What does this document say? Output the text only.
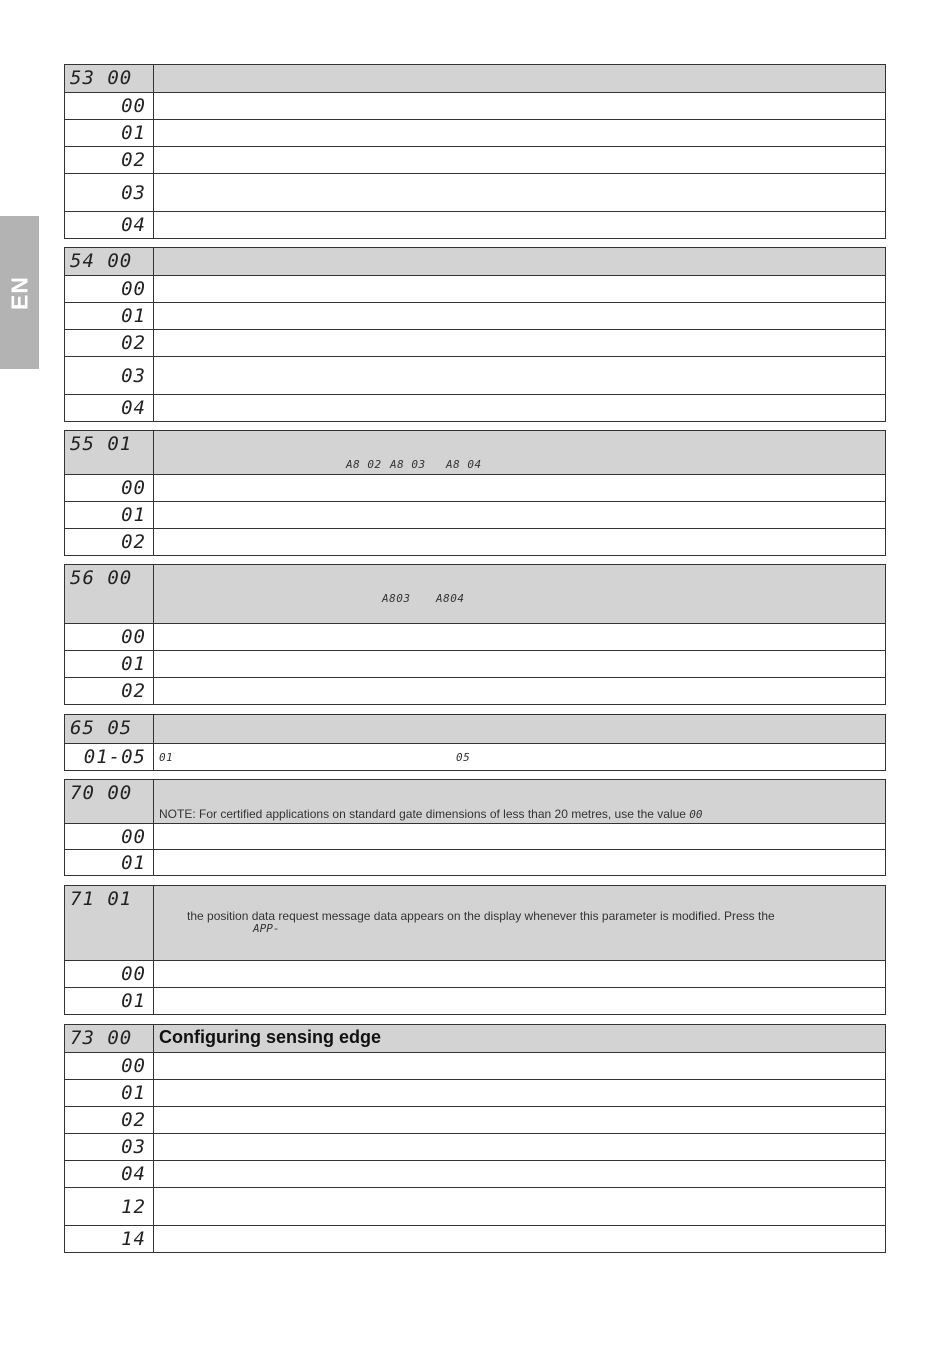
EN
53 00	
00	
01	
02	
03	
04	
54 00	
00	
01	
02	
03	
04	
55 01	A8 02 A8 03 A8 04

00	
01	
02	
56 00	A803 A804

00	
01	
02	
65 05	
01-05	01 05
70 00	NOTE: For certified applications on standard gate dimensions of less than 20 metres, use the value 00
00	
01	
71 01	the position data request message data appears on the display whenever this parameter is modified. Press the
APP-

00	
01	
73 00	Configuring sensing edge
00	
01	
02	
03	
04	
12	
14	
